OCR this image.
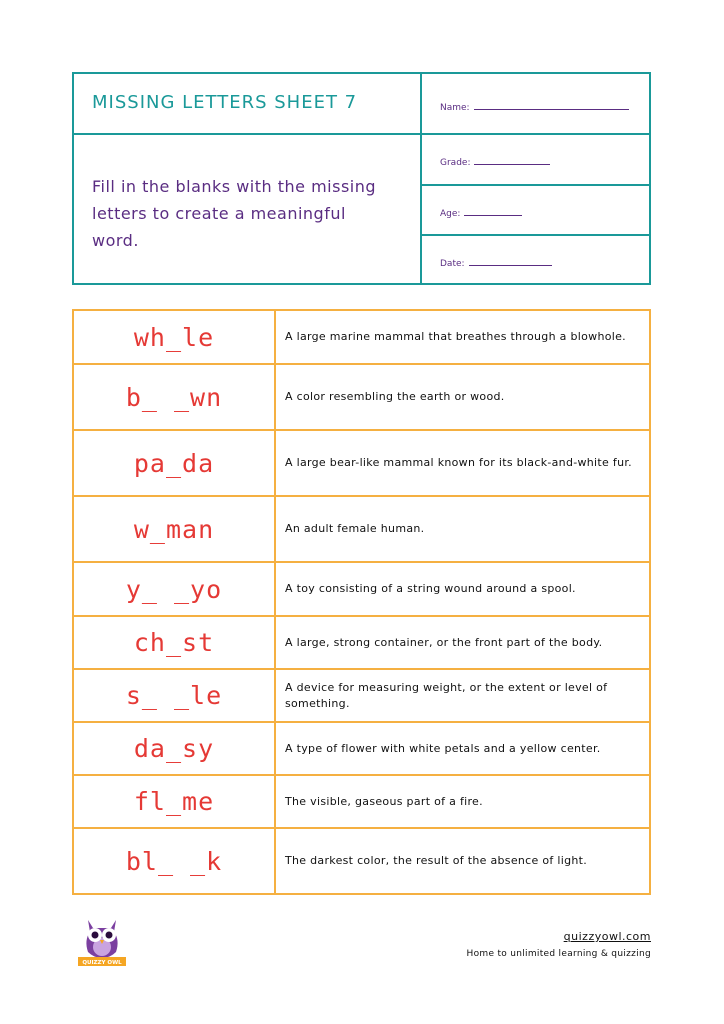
MISSING LETTERS SHEET 7
Fill in the blanks with the missing letters to create a meaningful word.
Name:
Grade:
Age:
Date:
wh_le	A large marine mammal that breathes through a blowhole.
b_ _wn	A color resembling the earth or wood.
pa_da	A large bear-like mammal known for its black-and-white fur.
w_man	An adult female human.
y_ _yo	A toy consisting of a string wound around a spool.
ch_st	A large, strong container, or the front part of the body.
s_ _le	A device for measuring weight, or the extent or level of something.
da_sy	A type of flower with white petals and a yellow center.
fl_me	The visible, gaseous part of a fire.
bl_ _k	The darkest color, the result of the absence of light.
QUIZZY OWL
quizzyowl.com
Home to unlimited learning & quizzing
